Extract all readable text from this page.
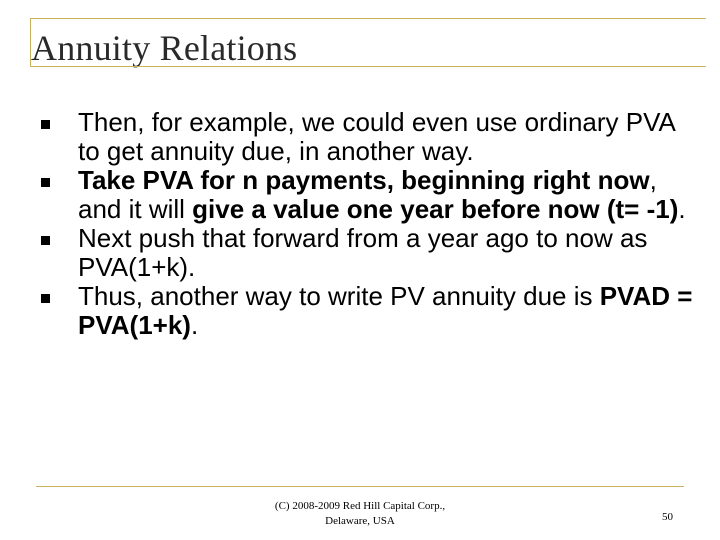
Annuity Relations
Then, for example, we could even use ordinary PVA to get annuity due, in another way.
Take PVA for n payments, beginning right now, and it will give a value one year before now (t= -1).
Next push that forward from a year ago to now as PVA(1+k).
Thus, another way to write PV annuity due is PVAD = PVA(1+k).
(C) 2008-2009 Red Hill Capital Corp.,
Delaware, USA	50
